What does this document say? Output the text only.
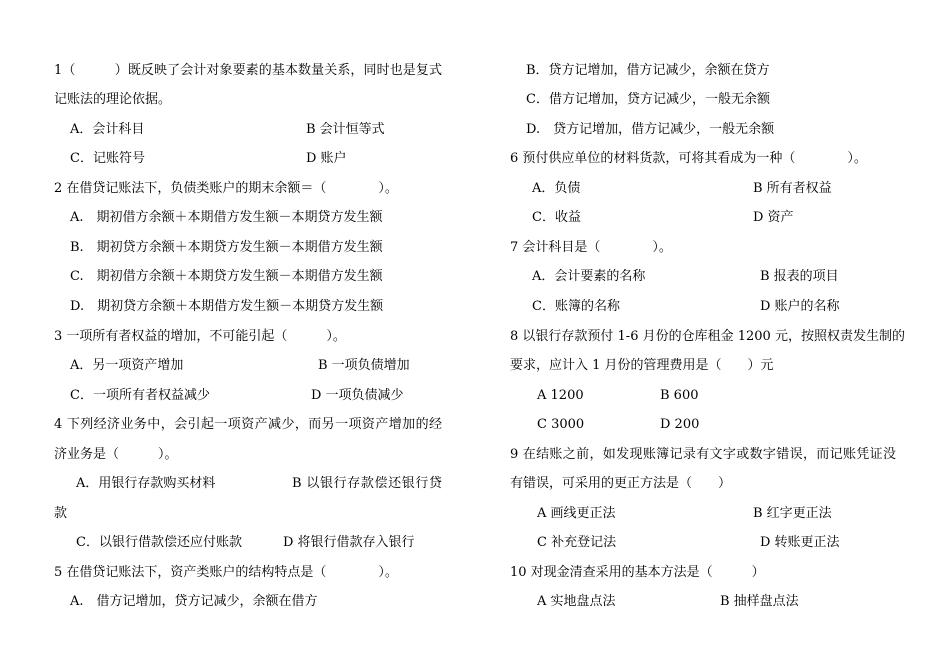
1（　　　）既反映了会计对象要素的基本数量关系，同时也是复式
记账法的理论依据。
A．会计科目	B 会计恒等式
C．记账符号	D 账户
2 在借贷记账法下，负债类账户的期末余额＝（　　　　）。
A.　期初借方余额＋本期借方发生额－本期贷方发生额
B.　期初贷方余额＋本期贷方发生额－本期借方发生额
C.　期初借方余额＋本期贷方发生额－本期借方发生额
D.　期初贷方余额＋本期借方发生额－本期贷方发生额
3 一项所有者权益的增加，不可能引起（　　　）。
A．另一项资产增加	B 一项负债增加
C．一项所有者权益减少	D 一项负债减少
4 下列经济业务中，会引起一项资产减少，而另一项资产增加的经
济业务是（　　　）。
A．用银行存款购买材料	B 以银行存款偿还银行贷
款
C．以银行借款偿还应付账款	D 将银行借款存入银行
5 在借贷记账法下，资产类账户的结构特点是（　　　　）。
A.　借方记增加，贷方记减少，余额在借方
B．贷方记增加，借方记减少，余额在贷方
C．借方记增加，贷方记减少，一般无余额
D.　贷方记增加，借方记减少，一般无余额
6 预付供应单位的材料货款，可将其看成为一种（　　　　）。
A．负债	B 所有者权益
C．收益	D 资产
7 会计科目是（　　　　）。
A．会计要素的名称	B 报表的项目
C．账簿的名称	D 账户的名称
8 以银行存款预付 1-6 月份的仓库租金 1200 元，按照权责发生制的
要求，应计入 1 月份的管理费用是（　　）元
A 1200	B 600
C 3000	D 200
9 在结账之前，如发现账簿记录有文字或数字错误，而记账凭证没
有错误，可采用的更正方法是（　　）
A 画线更正法	B 红字更正法
C 补充登记法	D 转账更正法
10 对现金清查采用的基本方法是（　　　）
A 实地盘点法	B 抽样盘点法
